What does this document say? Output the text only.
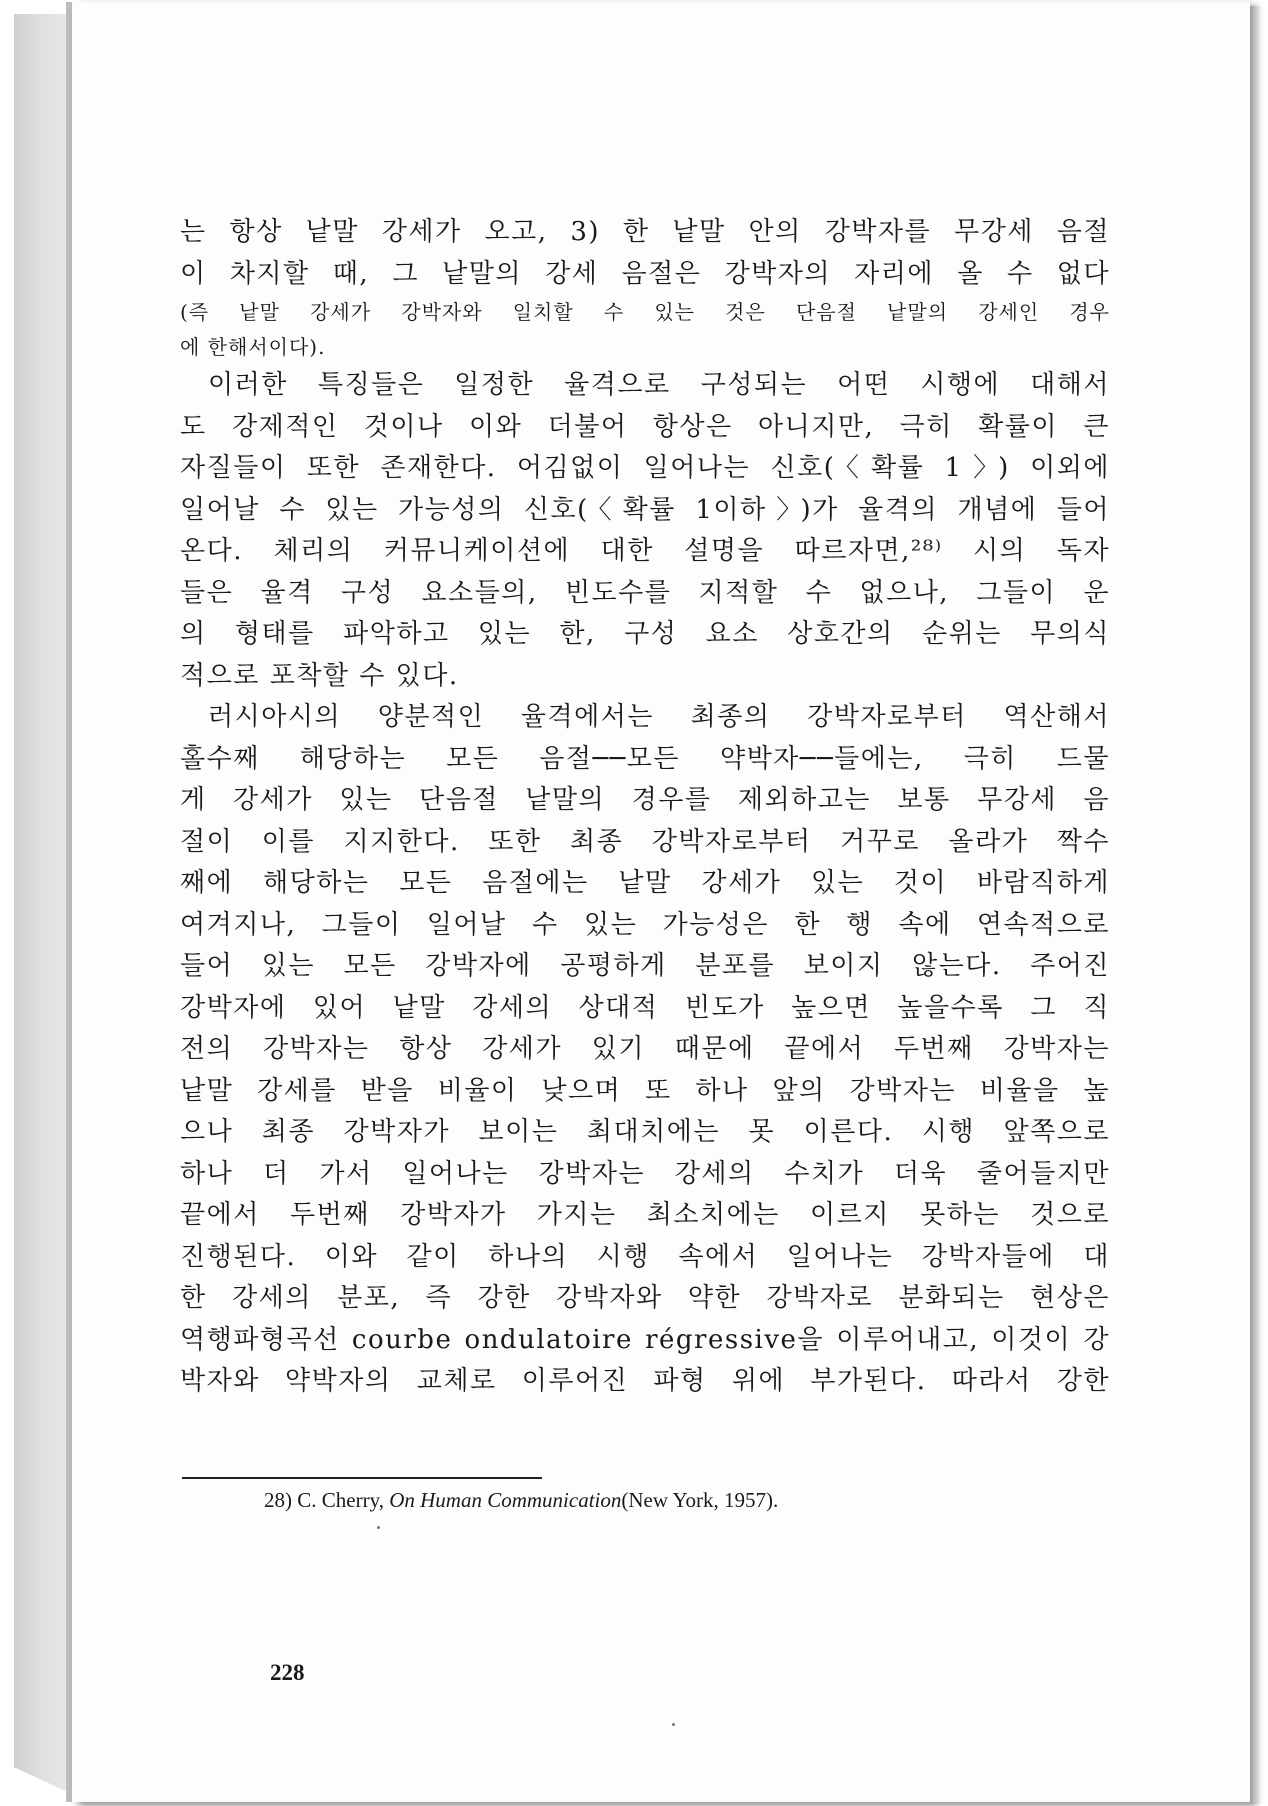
는 항상 낱말 강세가 오고, 3) 한 낱말 안의 강박자를 무강세 음절
이 차지할 때, 그 낱말의 강세 음절은 강박자의 자리에 올 수 없다
(즉 낱말 강세가 강박자와 일치할 수 있는 것은 단음절 낱말의 강세인 경우
에 한해서이다).
이러한 특징들은 일정한 율격으로 구성되는 어떤 시행에 대해서
도 강제적인 것이나 이와 더불어 항상은 아니지만, 극히 확률이 큰
자질들이 또한 존재한다. 어김없이 일어나는 신호(〈확률 1〉) 이외에
일어날 수 있는 가능성의 신호(〈확률 1이하〉)가 율격의 개념에 들어
온다. 체리의 커뮤니케이션에 대한 설명을 따르자면,²⁸⁾ 시의 독자
들은 율격 구성 요소들의, 빈도수를 지적할 수 없으나, 그들이 운
의 형태를 파악하고 있는 한, 구성 요소 상호간의 순위는 무의식
적으로 포착할 수 있다.
러시아시의 양분적인 율격에서는 최종의 강박자로부터 역산해서
홀수째 해당하는 모든 음절──모든 약박자──들에는, 극히 드물
게 강세가 있는 단음절 낱말의 경우를 제외하고는 보통 무강세 음
절이 이를 지지한다. 또한 최종 강박자로부터 거꾸로 올라가 짝수
째에 해당하는 모든 음절에는 낱말 강세가 있는 것이 바람직하게
여겨지나, 그들이 일어날 수 있는 가능성은 한 행 속에 연속적으로
들어 있는 모든 강박자에 공평하게 분포를 보이지 않는다. 주어진
강박자에 있어 낱말 강세의 상대적 빈도가 높으면 높을수록 그 직
전의 강박자는 항상 강세가 있기 때문에 끝에서 두번째 강박자는
낱말 강세를 받을 비율이 낮으며 또 하나 앞의 강박자는 비율을 높
으나 최종 강박자가 보이는 최대치에는 못 이른다. 시행 앞쪽으로
하나 더 가서 일어나는 강박자는 강세의 수치가 더욱 줄어들지만
끝에서 두번째 강박자가 가지는 최소치에는 이르지 못하는 것으로
진행된다. 이와 같이 하나의 시행 속에서 일어나는 강박자들에 대
한 강세의 분포, 즉 강한 강박자와 약한 강박자로 분화되는 현상은
역행파형곡선 courbe ondulatoire régressive을 이루어내고, 이것이 강
박자와 약박자의 교체로 이루어진 파형 위에 부가된다. 따라서 강한
28) C. Cherry, On Human Communication(New York, 1957).
228
